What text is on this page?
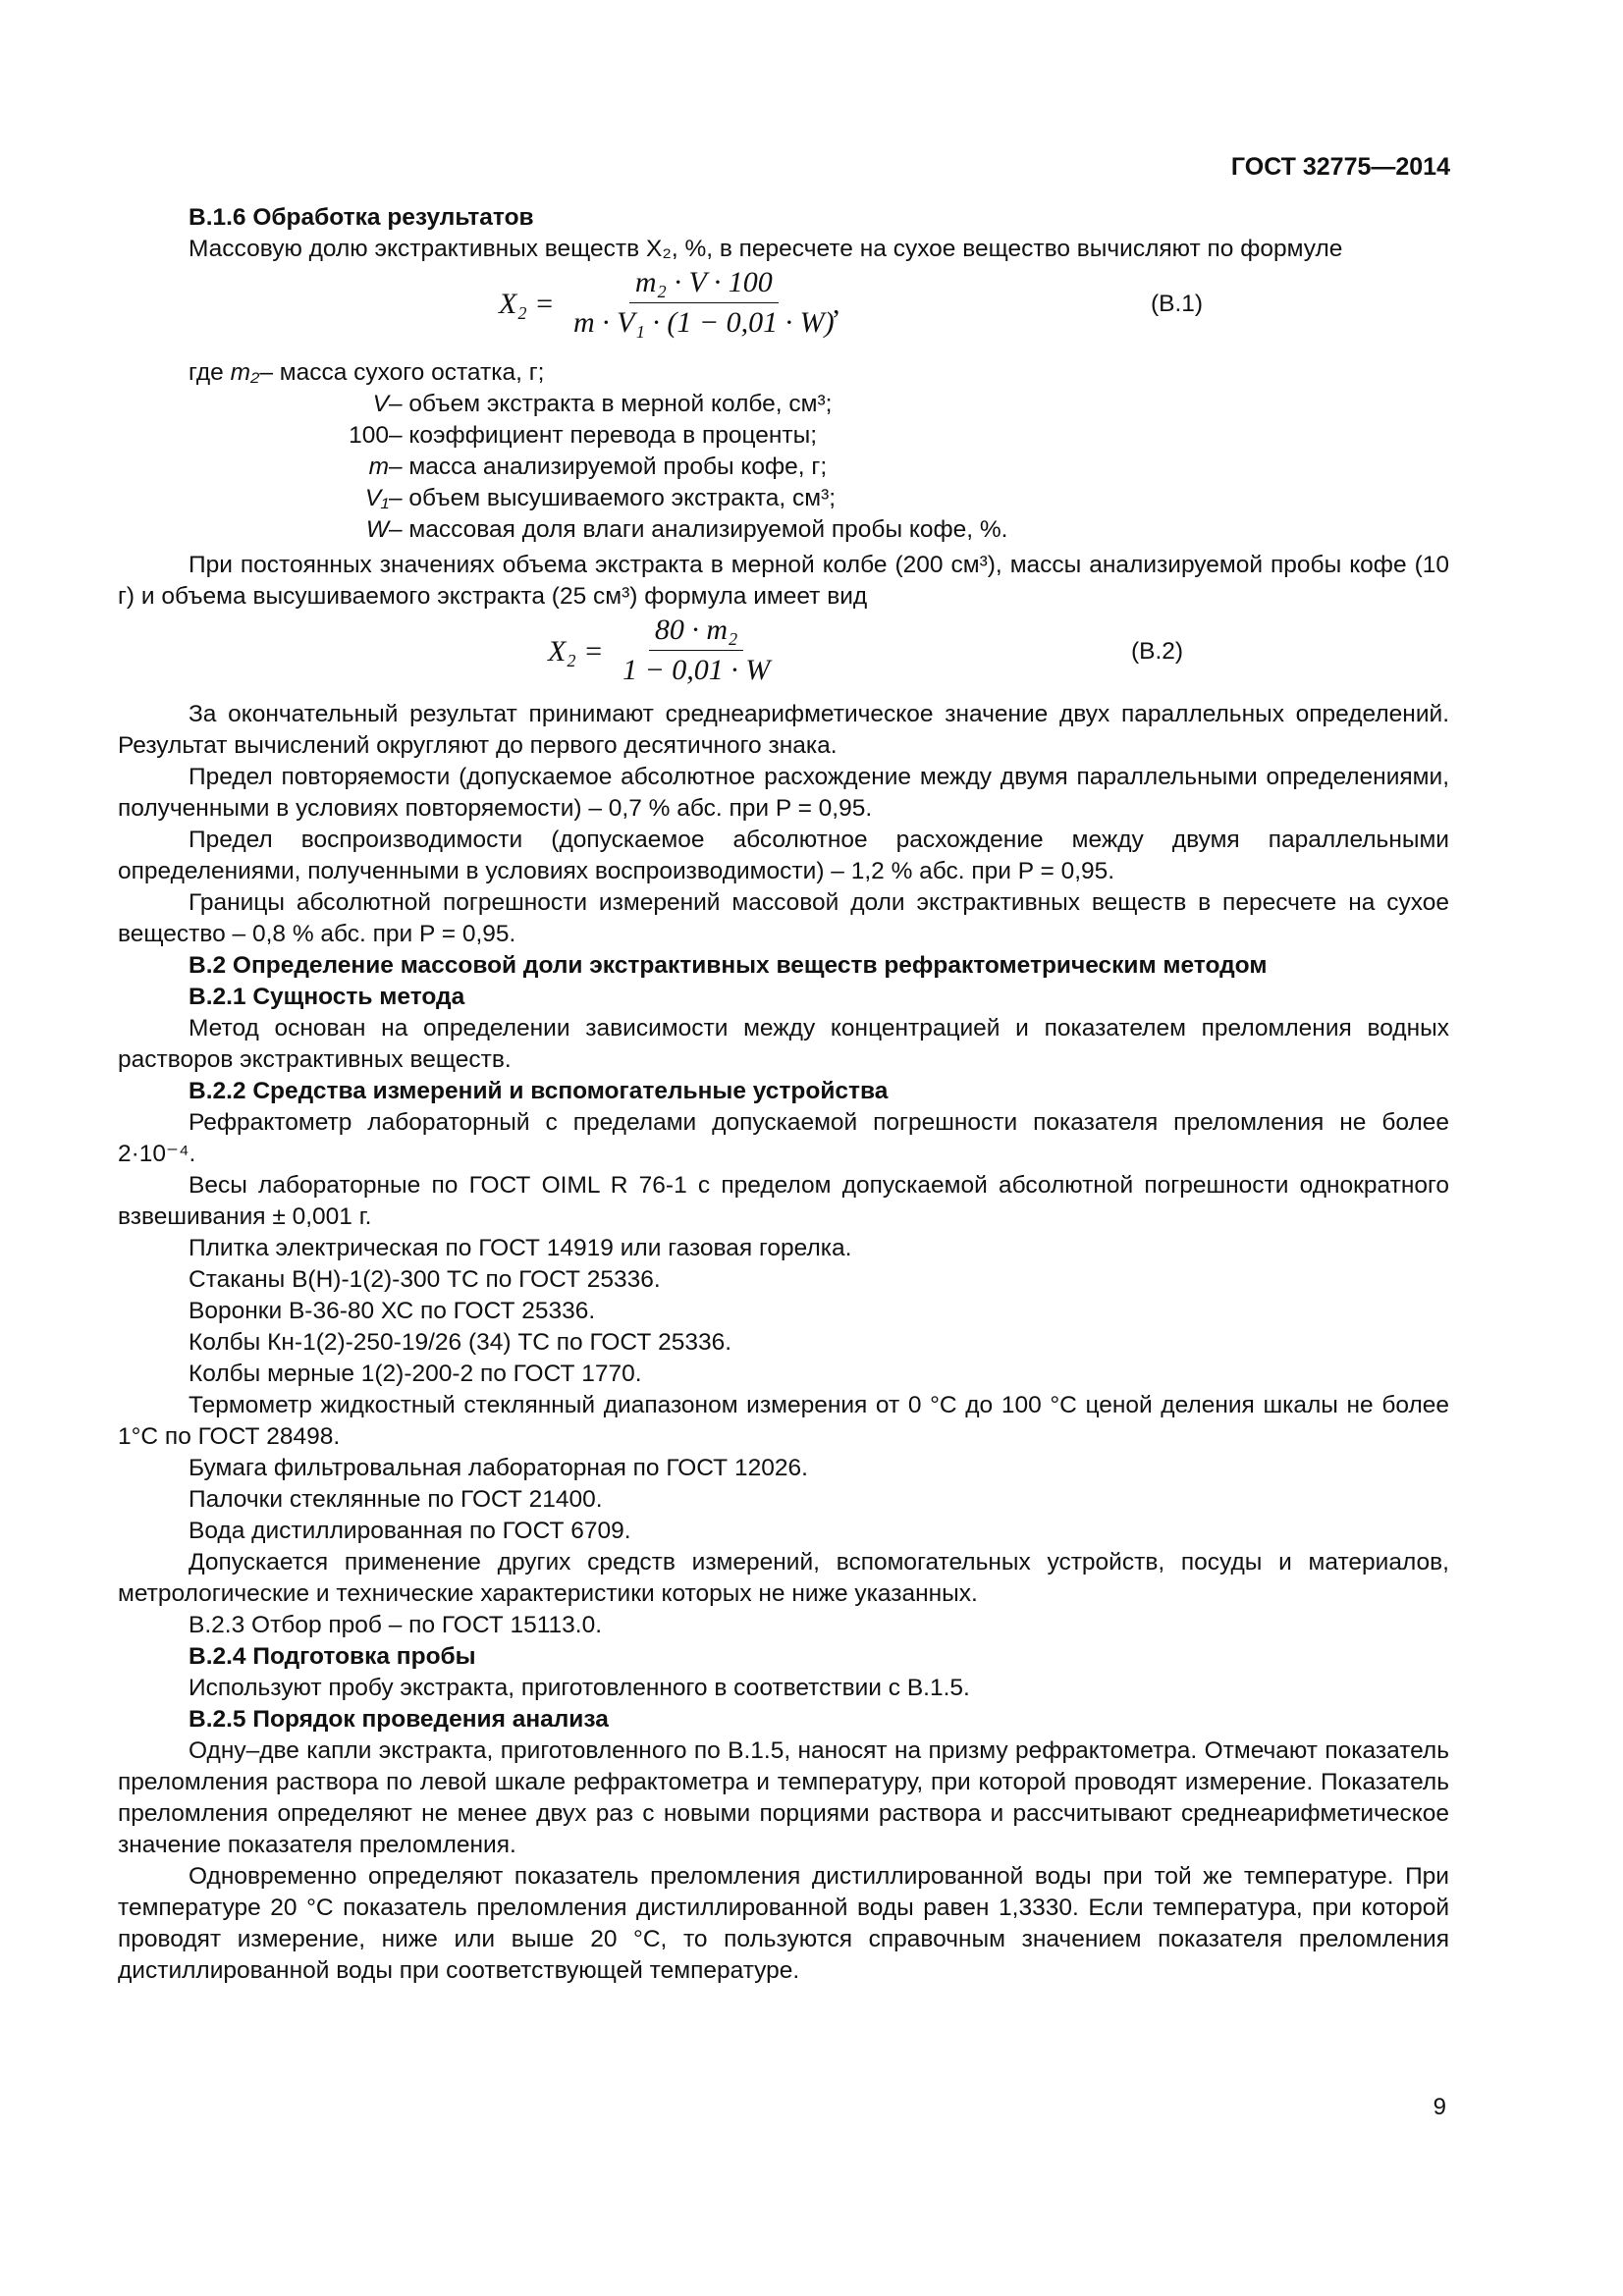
ГОСТ 32775—2014

В.1.6 Обработка результатов

Массовую долю экстрактивных веществ X₂, %, в пересчете на сухое вещество вычисляют по формуле

$X_2 = \frac{\text{m₂ · V · 100}}{\text{m · V₁ · (1 − 0,01 · W)}}$
,	(В.1)
где m₂ – масса сухого остатка, г;
V – объем экстракта в мерной колбе, см³;
100 – коэффициент перевода в проценты;
m – масса анализируемой пробы кофе, г;
V₁ – объем высушиваемого экстракта, см³;
W – массовая доля влаги анализируемой пробы кофе, %.

При постоянных значениях объема экстракта в мерной колбе (200 см³), массы анализируемой пробы кофе (10 г) и объема высушиваемого экстракта (25 см³) формула имеет вид

$X_2 = \frac{\text{80 · m₂}}{1 - 0,01 \cdot W}$	(В.2)

За окончательный результат принимают среднеарифметическое значение двух параллельных определений. Результат вычислений округляют до первого десятичного знака.

Предел повторяемости (допускаемое абсолютное расхождение между двумя параллельными определениями, полученными в условиях повторяемости) – 0,7 % абс. при P = 0,95.

Предел воспроизводимости (допускаемое абсолютное расхождение между двумя параллельными определениями, полученными в условиях воспроизводимости) – 1,2 % абс. при P = 0,95.

Границы абсолютной погрешности измерений массовой доли экстрактивных веществ в пересчете на сухое вещество – 0,8 % абс. при P = 0,95.

В.2 Определение массовой доли экстрактивных веществ рефрактометрическим методом

В.2.1 Сущность метода

Метод основан на определении зависимости между концентрацией и показателем преломления водных растворов экстрактивных веществ.

В.2.2 Средства измерений и вспомогательные устройства

Рефрактометр лабораторный с пределами допускаемой погрешности показателя преломления не более 2·10⁻⁴.

Весы лабораторные по ГОСТ OIML R 76-1 с пределом допускаемой абсолютной погрешности однократного взвешивания ± 0,001 г.

Плитка электрическая по ГОСТ 14919 или газовая горелка.

Стаканы В(Н)-1(2)-300 ТС по ГОСТ 25336.

Воронки В-36-80 ХС по ГОСТ 25336.

Колбы Кн-1(2)-250-19/26 (34) ТС по ГОСТ 25336.

Колбы мерные 1(2)-200-2 по ГОСТ 1770.

Термометр жидкостный стеклянный диапазоном измерения от 0 °С до 100 °С ценой деления шкалы не более 1°С по ГОСТ 28498.

Бумага фильтровальная лабораторная по ГОСТ 12026.

Палочки стеклянные по ГОСТ 21400.

Вода дистиллированная по ГОСТ 6709.

Допускается применение других средств измерений, вспомогательных устройств, посуды и материалов, метрологические и технические характеристики которых не ниже указанных.

В.2.3 Отбор проб – по ГОСТ 15113.0.

В.2.4 Подготовка пробы

Используют пробу экстракта, приготовленного в соответствии с В.1.5.

В.2.5 Порядок проведения анализа

Одну–две капли экстракта, приготовленного по В.1.5, наносят на призму рефрактометра. Отмечают показатель преломления раствора по левой шкале рефрактометра и температуру, при которой проводят измерение. Показатель преломления определяют не менее двух раз с новыми порциями раствора и рассчитывают среднеарифметическое значение показателя преломления.

Одновременно определяют показатель преломления дистиллированной воды при той же температуре. При температуре 20 °С показатель преломления дистиллированной воды равен 1,3330. Если температура, при которой проводят измерение, ниже или выше 20 °С, то пользуются справочным значением показателя преломления дистиллированной воды при соответствующей температуре.

9
